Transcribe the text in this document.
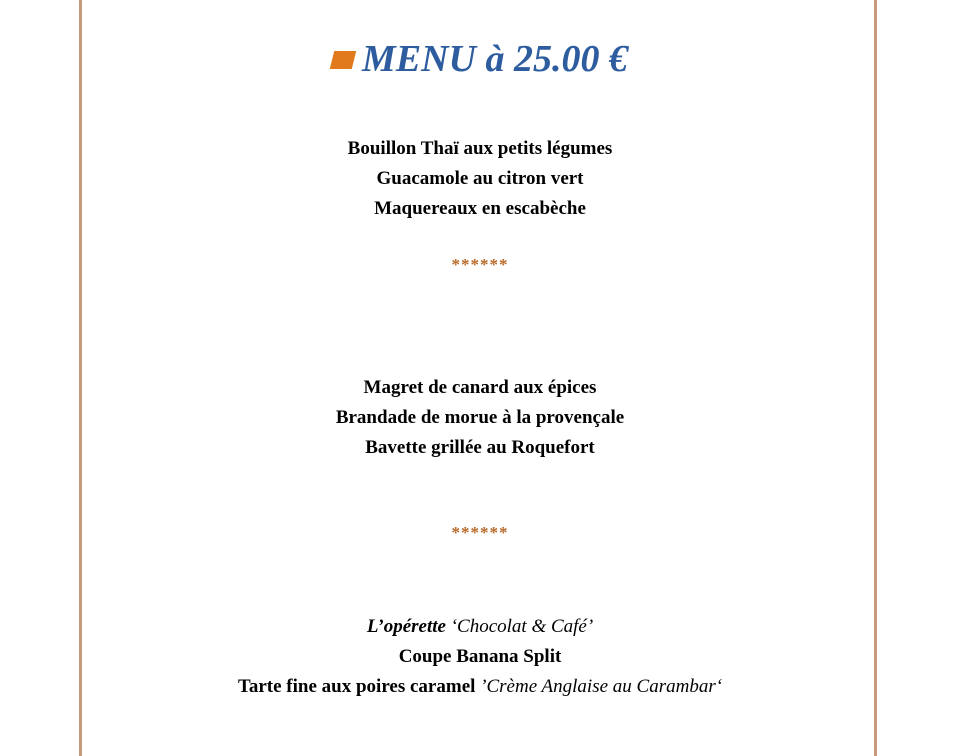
MENU à 25.00 €
Bouillon Thaï aux petits légumes
Guacamole au citron vert
Maquereaux en escabèche
******
Magret de canard aux épices
Brandade de morue à la provençale
Bavette grillée au Roquefort
******
L’opérette ‘Chocolat & Café’
Coupe Banana Split
Tarte fine aux poires caramel ’Crème Anglaise au Carambar‘
